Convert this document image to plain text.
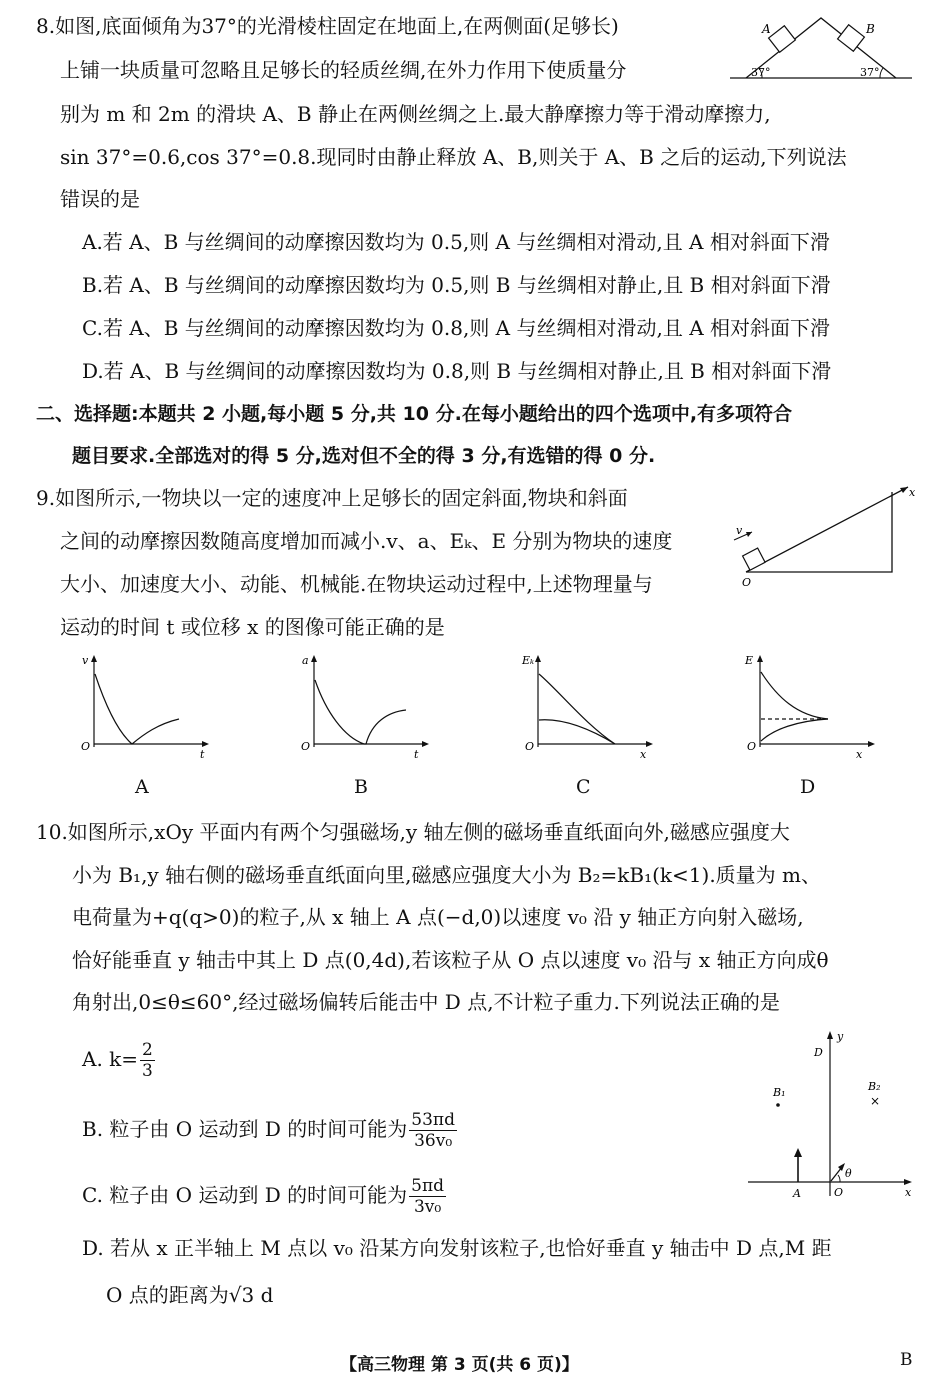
8.如图,底面倾角为37°的光滑棱柱固定在地面上,在两侧面(足够长)
上铺一块质量可忽略且足够长的轻质丝绸,在外力作用下使质量分
别为 m 和 2m 的滑块 A、B 静止在两侧丝绸之上.最大静摩擦力等于滑动摩擦力,
sin 37°=0.6,cos 37°=0.8.现同时由静止释放 A、B,则关于 A、B 之后的运动,下列说法
错误的是
A.若 A、B 与丝绸间的动摩擦因数均为 0.5,则 A 与丝绸相对滑动,且 A 相对斜面下滑
B.若 A、B 与丝绸间的动摩擦因数均为 0.5,则 B 与丝绸相对静止,且 B 相对斜面下滑
C.若 A、B 与丝绸间的动摩擦因数均为 0.8,则 A 与丝绸相对滑动,且 A 相对斜面下滑
D.若 A、B 与丝绸间的动摩擦因数均为 0.8,则 B 与丝绸相对静止,且 B 相对斜面下滑
A	B
37°	37°
二、选择题:本题共 2 小题,每小题 5 分,共 10 分.在每小题给出的四个选项中,有多项符合
题目要求.全部选对的得 5 分,选对但不全的得 3 分,有选错的得 0 分.
9.如图所示,一物块以一定的速度冲上足够长的固定斜面,物块和斜面
之间的动摩擦因数随高度增加而减小.v、a、Eₖ、E 分别为物块的速度
大小、加速度大小、动能、机械能.在物块运动过程中,上述物理量与
运动的时间 t 或位移 x 的图像可能正确的是
x
v
O
v
t
O
A
a
t
O
B
Eₖ
x
O
C
E
x
O
D
10.如图所示,xOy 平面内有两个匀强磁场,y 轴左侧的磁场垂直纸面向外,磁感应强度大
小为 B₁,y 轴右侧的磁场垂直纸面向里,磁感应强度大小为 B₂=kB₁(k<1).质量为 m、
电荷量为+q(q>0)的粒子,从 x 轴上 A 点(−d,0)以速度 v₀ 沿 y 轴正方向射入磁场,
恰好能垂直 y 轴击中其上 D 点(0,4d),若该粒子从 O 点以速度 v₀ 沿与 x 轴正方向成θ
角射出,0≤θ≤60°,经过磁场偏转后能击中 D 点,不计粒子重力.下列说法正确的是
A. $k= \frac{2}{3}$
B. 粒子由 O 运动到 D 的时间可能为 $\frac{53\pi d}{\text{36v₀}}$
C. 粒子由 O 运动到 D 的时间可能为 $\frac{5\pi d}{\text{3v₀}}$
D. 若从 x 正半轴上 M 点以 v₀ 沿某方向发射该粒子,也恰好垂直 y 轴击中 D 点,M 距
O 点的距离为√3 d
y
D
B₁	B₂
×
A	O
θ
x
【高三物理 第 3 页(共 6 页)】	B
